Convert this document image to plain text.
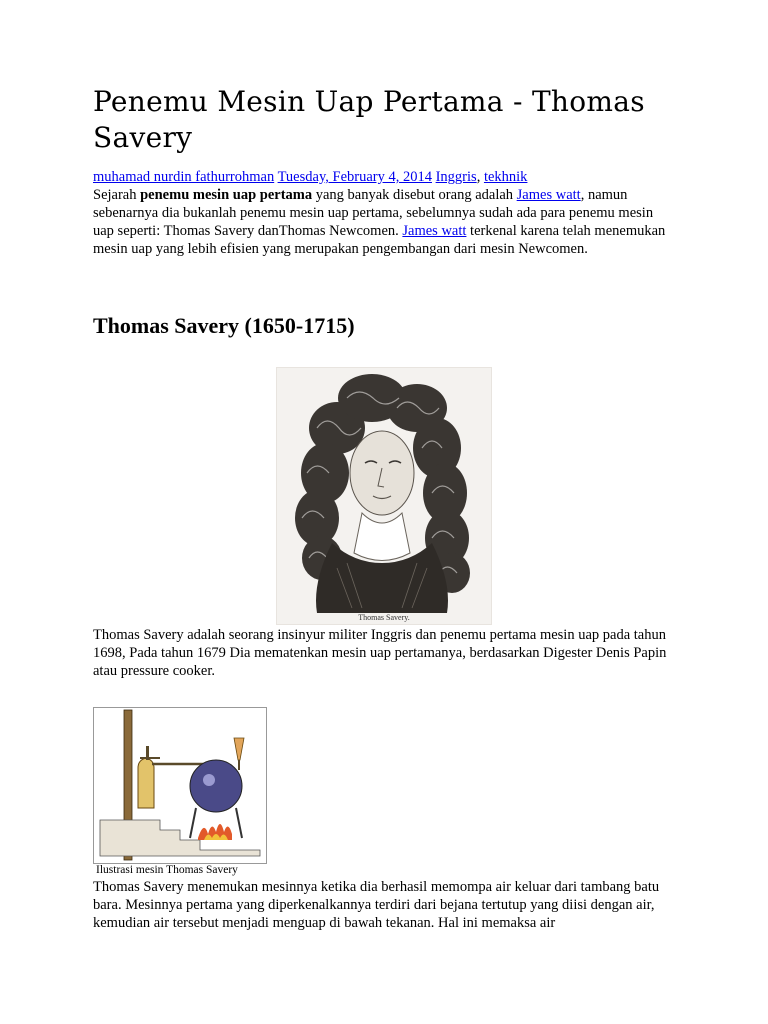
Penemu Mesin Uap Pertama - Thomas Savery
muhamad nurdin fathurrohman Tuesday, February 4, 2014 Inggris, tekhnik

Sejarah penemu mesin uap pertama yang banyak disebut orang adalah James watt, namun sebenarnya dia bukanlah penemu mesin uap pertama, sebelumnya sudah ada para penemu mesin uap seperti: Thomas Savery danThomas Newcomen. James watt terkenal karena telah menemukan mesin uap yang lebih efisien yang merupakan pengembangan dari mesin Newcomen.

Thomas Savery (1650-1715)
Thomas Savery.

Thomas Savery adalah seorang insinyur militer Inggris dan penemu pertama mesin uap pada tahun 1698, Pada tahun 1679 Dia mematenkan mesin uap pertamanya, berdasarkan Digester Denis Papin atau pressure cooker.

Ilustrasi mesin Thomas Savery

Thomas Savery menemukan mesinnya ketika dia berhasil memompa air keluar dari tambang batu bara. Mesinnya pertama yang diperkenalkannya terdiri dari bejana tertutup yang diisi dengan air, kemudian air tersebut menjadi menguap di bawah tekanan. Hal ini memaksa air
